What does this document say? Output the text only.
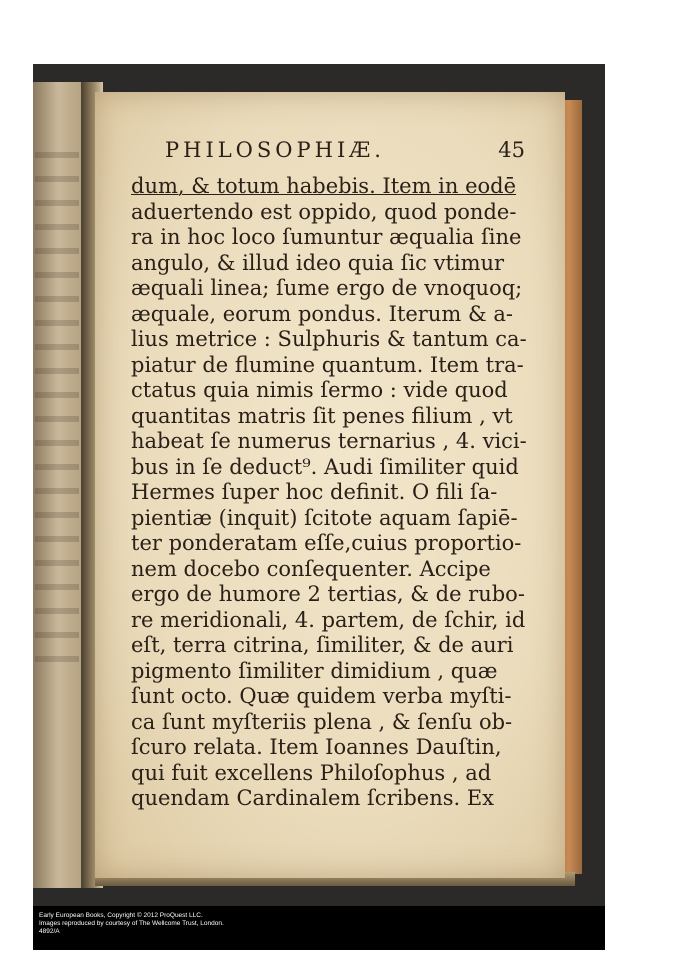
PHILOSOPHIÆ.	45
dum, & totum habebis. Item in eodē
aduertendo est oppido, quod ponde-
ra in hoc loco ſumuntur æqualia ſine
angulo, & illud ideo quia ſic vtimur
æquali linea; ſume ergo de vnoquoq;
æquale, eorum pondus. Iterum & a-
lius metrice : Sulphuris & tantum ca-
piatur de flumine quantum. Item tra-
ctatus quia nimis ſermo : vide quod
quantitas matris ſit penes filium , vt
habeat ſe numerus ternarius , 4. vici-
bus in ſe deduct⁹. Audi ſimiliter quid
Hermes ſuper hoc definit. O fili ſa-
pientiæ (inquit) ſcitote aquam ſapiē-
ter ponderatam eſſe,cuius proportio-
nem docebo conſequenter. Accipe
ergo de humore 2 tertias, & de rubo-
re meridionali, 4. partem, de ſchir, id
eſt, terra citrina, ſimiliter, & de auri
pigmento ſimiliter dimidium , quæ
ſunt octo. Quæ quidem verba myſti-
ca ſunt myſteriis plena , & ſenſu ob-
ſcuro relata. Item Ioannes Dauſtin,
qui fuit excellens Philoſophus , ad
quendam Cardinalem ſcribens. Ex
Early European Books, Copyright © 2012 ProQuest LLC.
Images reproduced by courtesy of The Wellcome Trust, London.
4892/A
